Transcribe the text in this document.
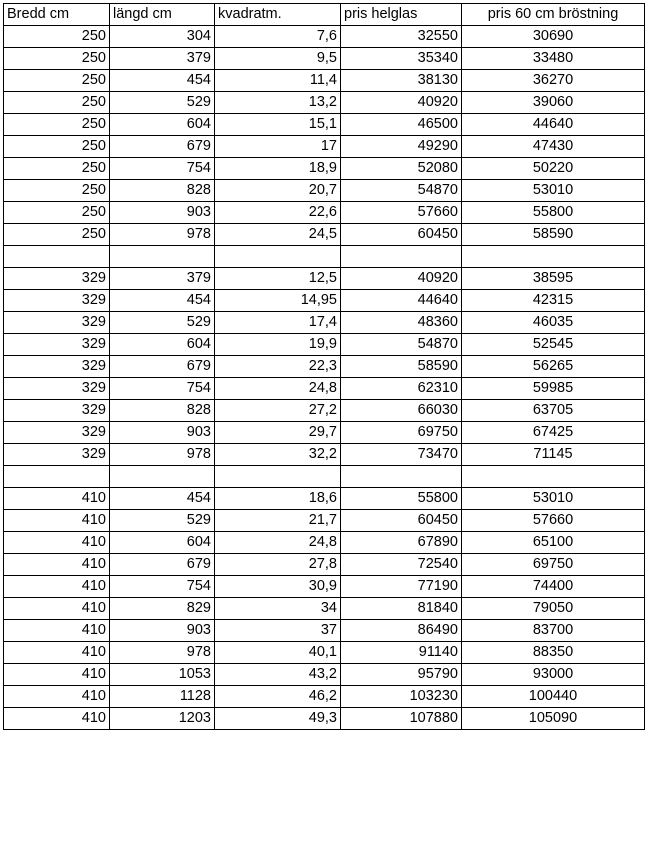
Bredd cm	längd cm	kvadratm.	pris helglas	pris 60 cm bröstning
250	304	7,6	32550	30690
250	379	9,5	35340	33480
250	454	11,4	38130	36270
250	529	13,2	40920	39060
250	604	15,1	46500	44640
250	679	17	49290	47430
250	754	18,9	52080	50220
250	828	20,7	54870	53010
250	903	22,6	57660	55800
250	978	24,5	60450	58590

329	379	12,5	40920	38595
329	454	14,95	44640	42315
329	529	17,4	48360	46035
329	604	19,9	54870	52545
329	679	22,3	58590	56265
329	754	24,8	62310	59985
329	828	27,2	66030	63705
329	903	29,7	69750	67425
329	978	32,2	73470	71145

410	454	18,6	55800	53010
410	529	21,7	60450	57660
410	604	24,8	67890	65100
410	679	27,8	72540	69750
410	754	30,9	77190	74400
410	829	34	81840	79050
410	903	37	86490	83700
410	978	40,1	91140	88350
410	1053	43,2	95790	93000
410	1128	46,2	103230	100440
410	1203	49,3	107880	105090
